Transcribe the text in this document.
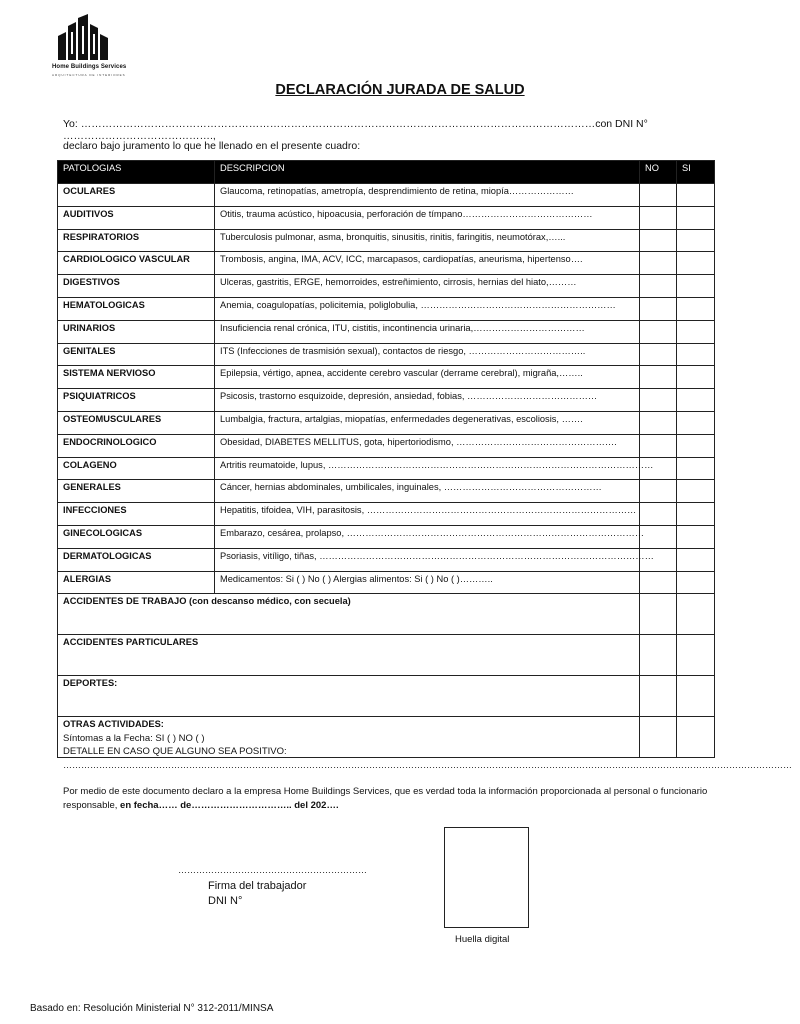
Home Buildings Services
ARQUITECTURA DE INTERIORES
DECLARACIÓN JURADA DE SALUD
Yo: …………………………………………………………………………………………………………………………………con DNI N° …………………………………….,
declaro bajo juramento lo que he llenado en el presente cuadro:
PATOLOGIAS	DESCRIPCION	NO	SI
OCULARES	Glaucoma, retinopatías, ametropía, desprendimiento de retina, miopía…………………		
AUDITIVOS	Otitis, trauma acústico, hipoacusia, perforación de tímpano……………………………………		
RESPIRATORIOS	Tuberculosis pulmonar, asma, bronquitis, sinusitis, rinitis, faringitis, neumotórax,…...		
CARDIOLOGICO VASCULAR	Trombosis, angina, IMA, ACV, ICC, marcapasos, cardiopatías, aneurisma, hipertenso….		
DIGESTIVOS	Ulceras, gastritis, ERGE, hemorroides, estreñimiento, cirrosis, hernias del hiato,………		
HEMATOLOGICAS	Anemia, coagulopatías, policitemia, poliglobulia, ………………………………………………………		
URINARIOS	Insuficiencia renal crónica, ITU, cistitis, incontinencia urinaria,………………………………		
GENITALES	ITS (Infecciones de trasmisión sexual), contactos de riesgo, ………………………………..		
SISTEMA NERVIOSO	Epilepsia, vértigo, apnea, accidente cerebro vascular (derrame cerebral), migraña,……..		
PSIQUIATRICOS	Psicosis, trastorno esquizoide, depresión, ansiedad, fobias, ……………………………………		
OSTEOMUSCULARES	Lumbalgia, fractura, artalgias, miopatías, enfermedades degenerativas, escoliosis, …….		
ENDOCRINOLOGICO	Obesidad, DIABETES MELLITUS, gota, hipertoriodismo, …………………………………………….		
COLAGENO	Artritis reumatoide, lupus, ……………………………………………………………………………………………		
GENERALES	Cáncer, hernias abdominales, umbilicales, inguinales, ……………………………………………		
INFECCIONES	Hepatitis, tifoidea, VIH, parasitosis, ……………………………………………………………………………		
GINECOLOGICAS	Embarazo, cesárea, prolapso, ……………………………………………………………………………………		
DERMATOLOGICAS	Psoriasis, vitíligo, tiñas, ………………………………………………………………………………………………		
ALERGIAS	Medicamentos: Si ( ) No ( ) Alergias alimentos: Si ( ) No ( )………..		
ACCIDENTES DE TRABAJO (con descanso médico, con secuela)			
ACCIDENTES PARTICULARES			
DEPORTES:			
OTRAS ACTIVIDADES:			
Síntomas a la Fecha: SI ( ) NO ( )
DETALLE EN CASO QUE ALGUNO SEA POSITIVO:
………………………………………………………………………………………………………………………………………………………………………………………………………………………
Por medio de este documento declaro a la empresa Home Buildings Services, que es verdad toda la información proporcionada al personal o funcionario responsable, en fecha…… de………………………….. del 202….
………………………………………………………
Firma del trabajador
DNI N°
Huella digital
Basado en: Resolución Ministerial N° 312-2011/MINSA
